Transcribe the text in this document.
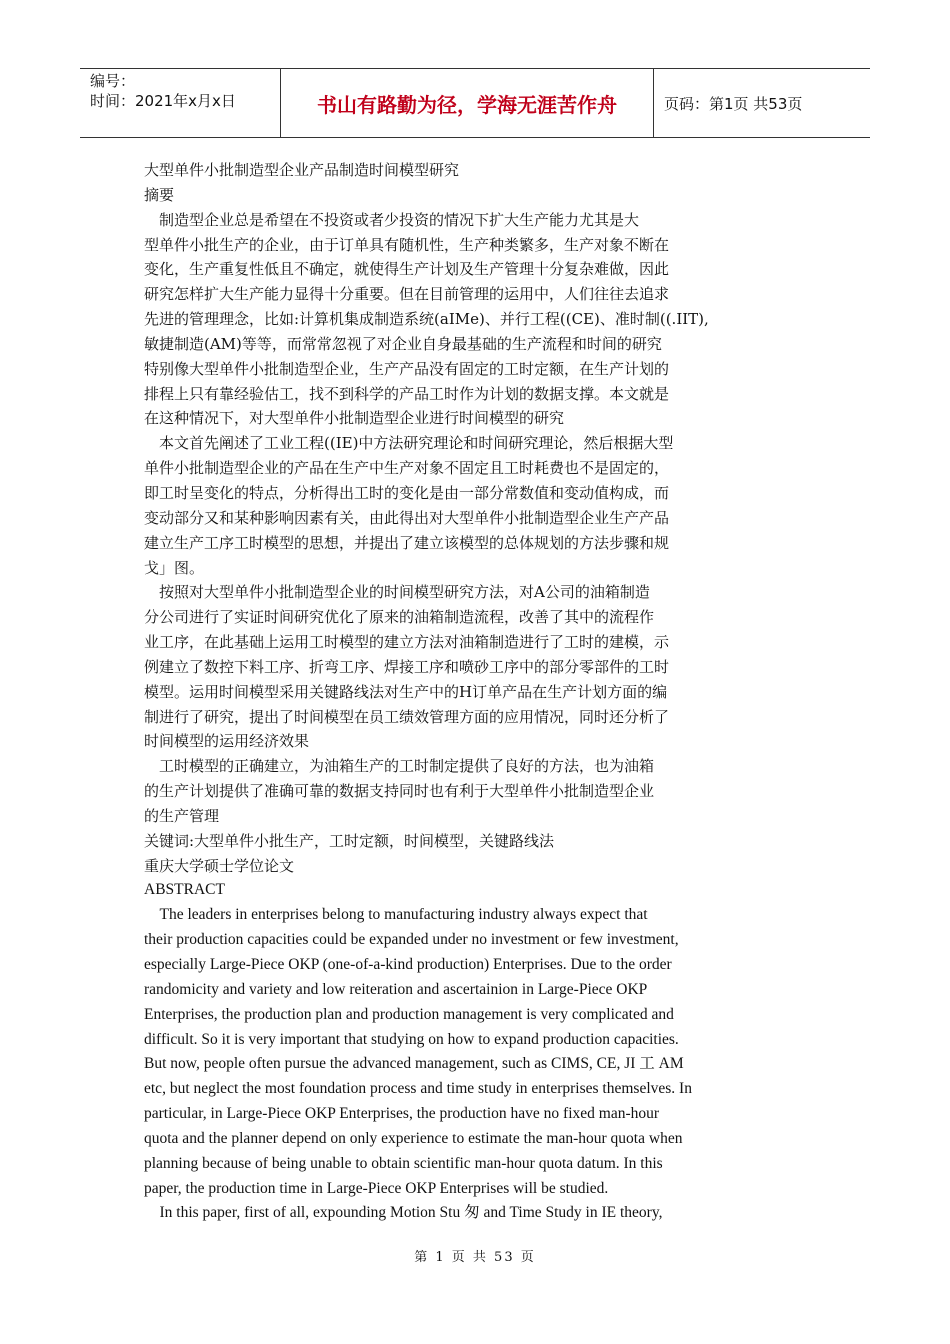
编号：
时间：2021年x月x日	书山有路勤为径，学海无涯苦作舟	页码：第1页 共53页
大型单件小批制造型企业产品制造时间模型研究
摘要
　制造型企业总是希望在不投资或者少投资的情况下扩大生产能力尤其是大
型单件小批生产的企业，由于订单具有随机性，生产种类繁多，生产对象不断在
变化，生产重复性低且不确定，就使得生产计划及生产管理十分复杂难做，因此
研究怎样扩大生产能力显得十分重要。但在目前管理的运用中，人们往往去追求
先进的管理理念，比如:计算机集成制造系统(aIMe)、并行工程((CE)、准时制((.IIT),
敏捷制造(AM)等等，而常常忽视了对企业自身最基础的生产流程和时间的研究
特别像大型单件小批制造型企业，生产产品没有固定的工时定额，在生产计划的
排程上只有靠经验估工，找不到科学的产品工时作为计划的数据支撑。本文就是
在这种情况下，对大型单件小批制造型企业进行时间模型的研究
　本文首先阐述了工业工程((IE)中方法研究理论和时间研究理论，然后根据大型
单件小批制造型企业的产品在生产中生产对象不固定且工时耗费也不是固定的，
即工时呈变化的特点，分析得出工时的变化是由一部分常数值和变动值构成，而
变动部分又和某种影响因素有关，由此得出对大型单件小批制造型企业生产产品
建立生产工序工时模型的思想，并提出了建立该模型的总体规划的方法步骤和规
戈」图。
　按照对大型单件小批制造型企业的时间模型研究方法，对A公司的油箱制造
分公司进行了实证时间研究优化了原来的油箱制造流程，改善了其中的流程作
业工序，在此基础上运用工时模型的建立方法对油箱制造进行了工时的建模，示
例建立了数控下料工序、折弯工序、焊接工序和喷砂工序中的部分零部件的工时
模型。运用时间模型采用关键路线法对生产中的H订单产品在生产计划方面的编
制进行了研究，提出了时间模型在员工绩效管理方面的应用情况，同时还分析了
时间模型的运用经济效果
　工时模型的正确建立，为油箱生产的工时制定提供了良好的方法，也为油箱
的生产计划提供了准确可靠的数据支持同时也有利于大型单件小批制造型企业
的生产管理
关键词:大型单件小批生产，工时定额，时间模型，关键路线法
重庆大学硕士学位论文
ABSTRACT
　The leaders in enterprises belong to manufacturing industry always expect that
their production capacities could be expanded under no investment or few investment,
especially Large-Piece OKP (one-of-a-kind production) Enterprises. Due to the order
randomicity and variety and low reiteration and ascertainion in Large-Piece OKP
Enterprises, the production plan and production management is very complicated and
difficult. So it is very important that studying on how to expand production capacities.
But now, people often pursue the advanced management, such as CIMS, CE, JI 工 AM
etc, but neglect the most foundation process and time study in enterprises themselves. In
particular, in Large-Piece OKP Enterprises, the production have no fixed man-hour
quota and the planner depend on only experience to estimate the man-hour quota when
planning because of being unable to obtain scientific man-hour quota datum. In this
paper, the production time in Large-Piece OKP Enterprises will be studied.
　In this paper, first of all, expounding Motion Stu 匆 and Time Study in IE theory,
第 1 页 共 53 页
